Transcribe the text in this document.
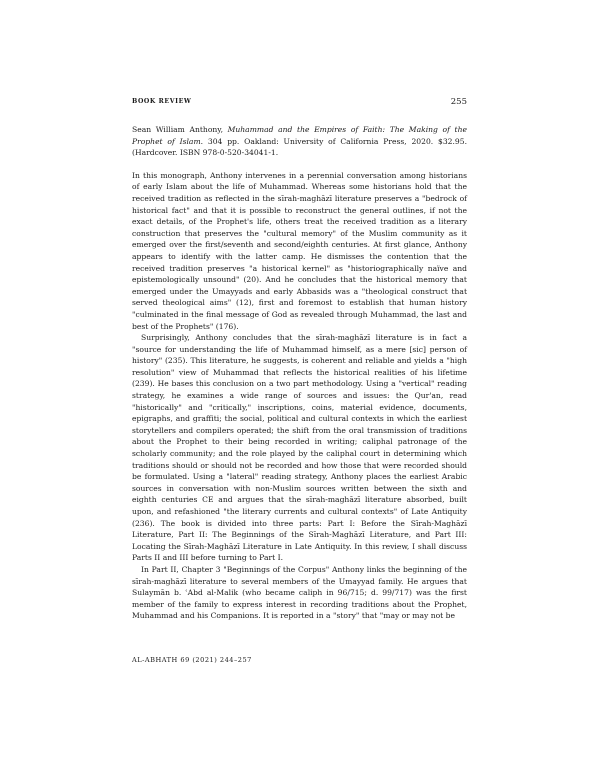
BOOK REVIEW	255

Sean William Anthony, Muhammad and the Empires of Faith: The Making of the Prophet of Islam. 304 pp. Oakland: University of California Press, 2020. $32.95. (Hardcover. ISBN 978-0-520-34041-1.

In this monograph, Anthony intervenes in a perennial conversation among historians of early Islam about the life of Muhammad. Whereas some historians hold that the received tradition as reflected in the sīrah-maghāzī literature preserves a "bedrock of historical fact" and that it is possible to reconstruct the general outlines, if not the exact details, of the Prophet's life, others treat the received tradition as a literary construction that preserves the "cultural memory" of the Muslim community as it emerged over the first/seventh and second/eighth centuries. At first glance, Anthony appears to identify with the latter camp. He dismisses the contention that the received tradition preserves "a historical kernel" as "historiographically naïve and epistemologically unsound" (20). And he concludes that the historical memory that emerged under the Umayyads and early Abbasids was a "theological construct that served theological aims" (12), first and foremost to establish that human history "culminated in the final message of God as revealed through Muhammad, the last and best of the Prophets" (176).

Surprisingly, Anthony concludes that the sīrah-maghāzī literature is in fact a "source for understanding the life of Muhammad himself, as a mere [sic] person of history" (235). This literature, he suggests, is coherent and reliable and yields a "high resolution" view of Muhammad that reflects the historical realities of his lifetime (239). He bases this conclusion on a two part methodology. Using a "vertical" reading strategy, he examines a wide range of sources and issues: the Qur'an, read "historically" and "critically," inscriptions, coins, material evidence, documents, epigraphs, and graffiti; the social, political and cultural contexts in which the earliest storytellers and compilers operated; the shift from the oral transmission of traditions about the Prophet to their being recorded in writing; caliphal patronage of the scholarly community; and the role played by the caliphal court in determining which traditions should or should not be recorded and how those that were recorded should be formulated. Using a "lateral" reading strategy, Anthony places the earliest Arabic sources in conversation with non-Muslim sources written between the sixth and eighth centuries CE and argues that the sīrah-maghāzī literature absorbed, built upon, and refashioned "the literary currents and cultural contexts" of Late Antiquity (236). The book is divided into three parts: Part I: Before the Sīrah-Maghāzī Literature, Part II: The Beginnings of the Sīrah-Maghāzī Literature, and Part III: Locating the Sīrah-Maghāzī Literature in Late Antiquity. In this review, I shall discuss Parts II and III before turning to Part I.

In Part II, Chapter 3 "Beginnings of the Corpus" Anthony links the beginning of the sīrah-maghāzī literature to several members of the Umayyad family. He argues that Sulaymān b. ʿAbd al-Malik (who became caliph in 96/715; d. 99/717) was the first member of the family to express interest in recording traditions about the Prophet, Muhammad and his Companions. It is reported in a "story" that "may or may not be

AL-ABHATH 69 (2021) 244–257
